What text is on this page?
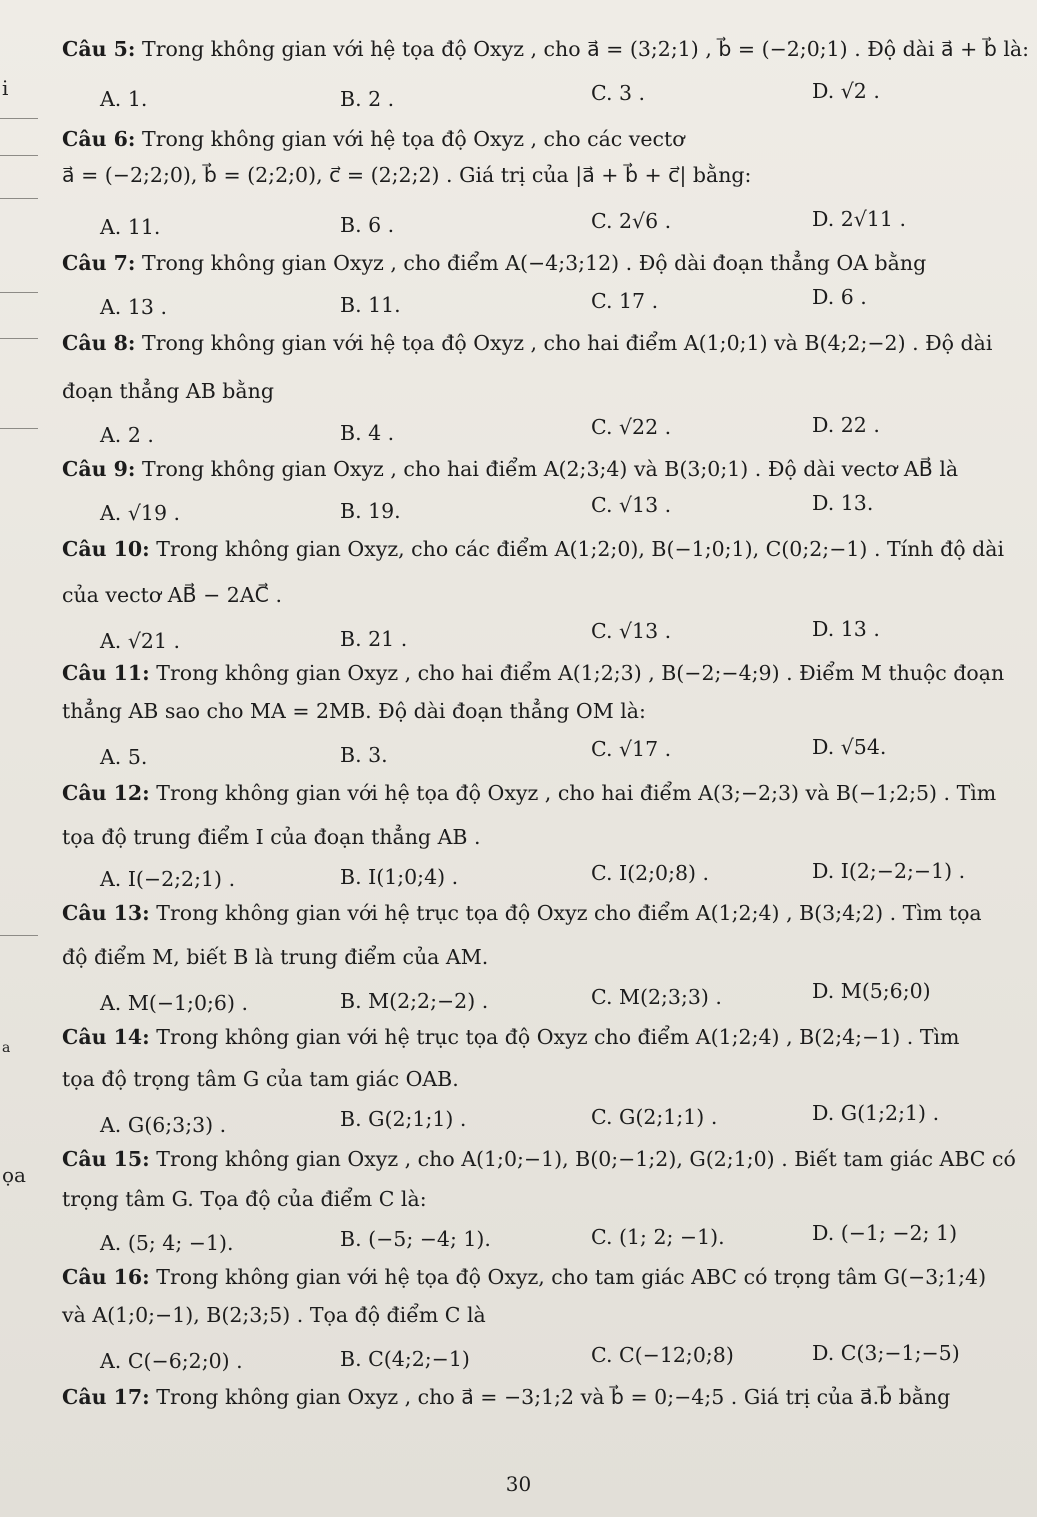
i
a
ọa
Câu 5: Trong không gian với hệ tọa độ Oxyz , cho a⃗ = (3;2;1) , b⃗ = (−2;0;1) . Độ dài a⃗ + b⃗ là:
A. 1.	B. 2 .	C. 3 .	D. √2 .
Câu 6: Trong không gian với hệ tọa độ Oxyz , cho các vectơ
a⃗ = (−2;2;0), b⃗ = (2;2;0), c⃗ = (2;2;2) . Giá trị của |a⃗ + b⃗ + c⃗| bằng:
A. 11.	B. 6 .	C. 2√6 .	D. 2√11 .
Câu 7: Trong không gian Oxyz , cho điểm A(−4;3;12) . Độ dài đoạn thẳng OA bằng
A. 13 .	B. 11.	C. 17 .	D. 6 .
Câu 8: Trong không gian với hệ tọa độ Oxyz , cho hai điểm A(1;0;1) và B(4;2;−2) . Độ dài
đoạn thẳng AB bằng
A. 2 .	B. 4 .	C. √22 .	D. 22 .
Câu 9: Trong không gian Oxyz , cho hai điểm A(2;3;4) và B(3;0;1) . Độ dài vectơ AB⃗ là
A. √19 .	B. 19.	C. √13 .	D. 13.
Câu 10: Trong không gian Oxyz, cho các điểm A(1;2;0), B(−1;0;1), C(0;2;−1) . Tính độ dài
của vectơ AB⃗ − 2AC⃗ .
A. √21 .	B. 21 .	C. √13 .	D. 13 .
Câu 11: Trong không gian Oxyz , cho hai điểm A(1;2;3) , B(−2;−4;9) . Điểm M thuộc đoạn
thẳng AB sao cho MA = 2MB. Độ dài đoạn thẳng OM là:
A. 5.	B. 3.	C. √17 .	D. √54.
Câu 12: Trong không gian với hệ tọa độ Oxyz , cho hai điểm A(3;−2;3) và B(−1;2;5) . Tìm
tọa độ trung điểm I của đoạn thẳng AB .
A. I(−2;2;1) .	B. I(1;0;4) .	C. I(2;0;8) .	D. I(2;−2;−1) .
Câu 13: Trong không gian với hệ trục tọa độ Oxyz cho điểm A(1;2;4) , B(3;4;2) . Tìm tọa
độ điểm M, biết B là trung điểm của AM.
A. M(−1;0;6) .	B. M(2;2;−2) .	C. M(2;3;3) .	D. M(5;6;0)
Câu 14: Trong không gian với hệ trục tọa độ Oxyz cho điểm A(1;2;4) , B(2;4;−1) . Tìm
tọa độ trọng tâm G của tam giác OAB.
A. G(6;3;3) .	B. G(2;1;1) .	C. G(2;1;1) .	D. G(1;2;1) .
Câu 15: Trong không gian Oxyz , cho A(1;0;−1), B(0;−1;2), G(2;1;0) . Biết tam giác ABC có
trọng tâm G. Tọa độ của điểm C là:
A. (5; 4; −1).	B. (−5; −4; 1).	C. (1; 2; −1).	D. (−1; −2; 1)
Câu 16: Trong không gian với hệ tọa độ Oxyz, cho tam giác ABC có trọng tâm G(−3;1;4)
và A(1;0;−1), B(2;3;5) . Tọa độ điểm C là
A. C(−6;2;0) .	B. C(4;2;−1)	C. C(−12;0;8)	D. C(3;−1;−5)
Câu 17: Trong không gian Oxyz , cho a⃗ = −3;1;2 và b⃗ = 0;−4;5 . Giá trị của a⃗.b⃗ bằng
30
